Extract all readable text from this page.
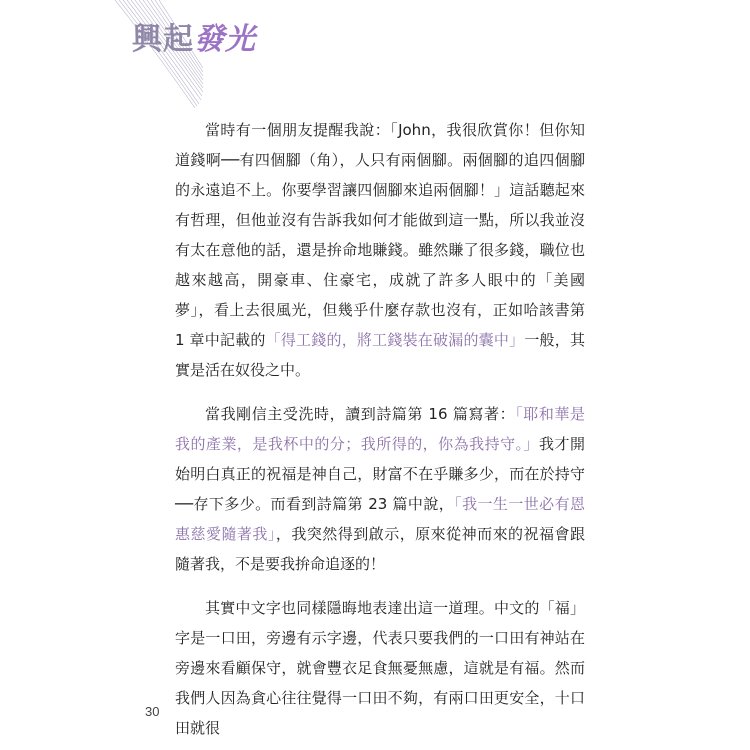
興起發光

當時有一個朋友提醒我說：「John，我很欣賞你！但你知道錢啊──有四個腳（角），人只有兩個腳。兩個腳的追四個腳的永遠追不上。你要學習讓四個腳來追兩個腳！」這話聽起來有哲理，但他並沒有告訴我如何才能做到這一點，所以我並沒有太在意他的話，還是拚命地賺錢。雖然賺了很多錢，職位也越來越高，開豪車、住豪宅，成就了許多人眼中的「美國夢」，看上去很風光，但幾乎什麼存款也沒有，正如哈該書第 1 章中記載的「得工錢的，將工錢裝在破漏的囊中」一般，其實是活在奴役之中。

當我剛信主受洗時，讀到詩篇第 16 篇寫著：「耶和華是我的產業，是我杯中的分；我所得的，你為我持守。」我才開始明白真正的祝福是神自己，財富不在乎賺多少，而在於持守──存下多少。而看到詩篇第 23 篇中說，「我一生一世必有恩惠慈愛隨著我」，我突然得到啟示，原來從神而來的祝福會跟隨著我，不是要我拚命追逐的！

其實中文字也同樣隱晦地表達出這一道理。中文的「福」字是一口田，旁邊有示字邊，代表只要我們的一口田有神站在旁邊來看顧保守，就會豐衣足食無憂無慮，這就是有福。然而我們人因為貪心往往覺得一口田不夠，有兩口田更安全，十口田就很

30
